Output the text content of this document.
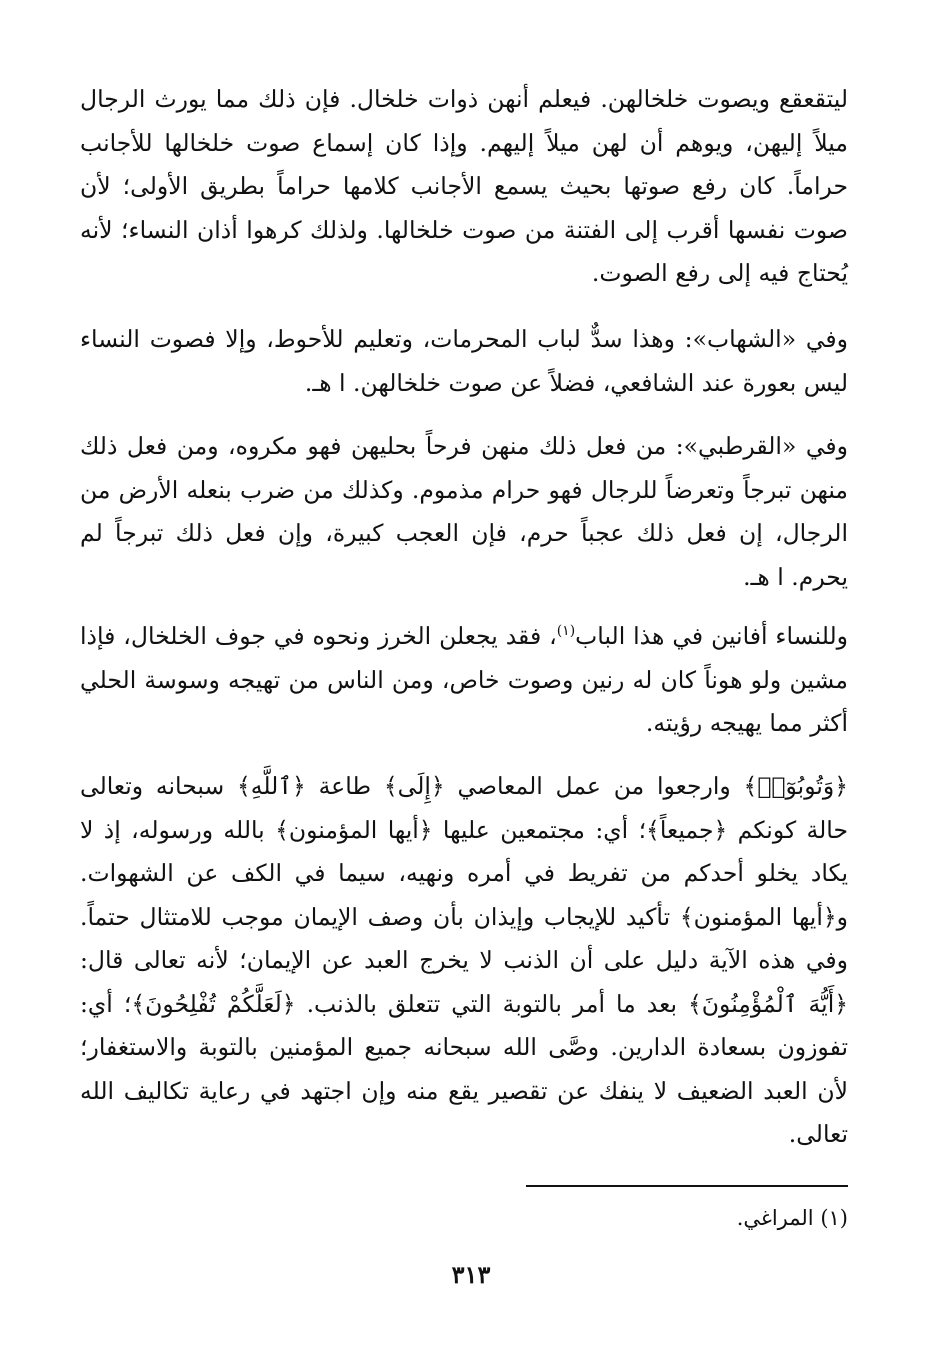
ليتقعقع ويصوت خلخالهن. فيعلم أنهن ذوات خلخال. فإن ذلك مما يورث الرجال ميلاً إليهن، ويوهم أن لهن ميلاً إليهم. وإذا كان إسماع صوت خلخالها للأجانب حراماً. كان رفع صوتها بحيث يسمع الأجانب كلامها حراماً بطريق الأولى؛ لأن صوت نفسها أقرب إلى الفتنة من صوت خلخالها. ولذلك كرهوا أذان النساء؛ لأنه يُحتاج فيه إلى رفع الصوت.

وفي «الشهاب»: وهذا سدٌّ لباب المحرمات، وتعليم للأحوط، وإلا فصوت النساء ليس بعورة عند الشافعي، فضلاً عن صوت خلخالهن. ا هـ.

وفي «القرطبي»: من فعل ذلك منهن فرحاً بحليهن فهو مكروه، ومن فعل ذلك منهن تبرجاً وتعرضاً للرجال فهو حرام مذموم. وكذلك من ضرب بنعله الأرض من الرجال، إن فعل ذلك عجباً حرم، فإن العجب كبيرة، وإن فعل ذلك تبرجاً لم يحرم. ا هـ.

وللنساء أفانين في هذا الباب$^{(١)}$، فقد يجعلن الخرز ونحوه في جوف الخلخال، فإذا مشين ولو هوناً كان له رنين وصوت خاص، ومن الناس من تهيجه وسوسة الحلي أكثر مما يهيجه رؤيته.

﴿وَتُوبُوٓا۟﴾ وارجعوا من عمل المعاصي ﴿إِلَى﴾ طاعة ﴿ٱللَّهِ﴾ سبحانه وتعالى حالة كونكم ﴿جميعاً﴾؛ أي: مجتمعين عليها ﴿أيها المؤمنون﴾ بالله ورسوله، إذ لا يكاد يخلو أحدكم من تفريط في أمره ونهيه، سيما في الكف عن الشهوات. و﴿أيها المؤمنون﴾ تأكيد للإيجاب وإيذان بأن وصف الإيمان موجب للامتثال حتماً. وفي هذه الآية دليل على أن الذنب لا يخرج العبد عن الإيمان؛ لأنه تعالى قال: ﴿أَيُّهَ ٱلْمُؤْمِنُونَ﴾ بعد ما أمر بالتوبة التي تتعلق بالذنب. ﴿لَعَلَّكُمْ تُفْلِحُونَ﴾؛ أي: تفوزون بسعادة الدارين. وصَّى الله سبحانه جميع المؤمنين بالتوبة والاستغفار؛ لأن العبد الضعيف لا ينفك عن تقصير يقع منه وإن اجتهد في رعاية تكاليف الله تعالى.

(١) المراغي.
٣١٣
